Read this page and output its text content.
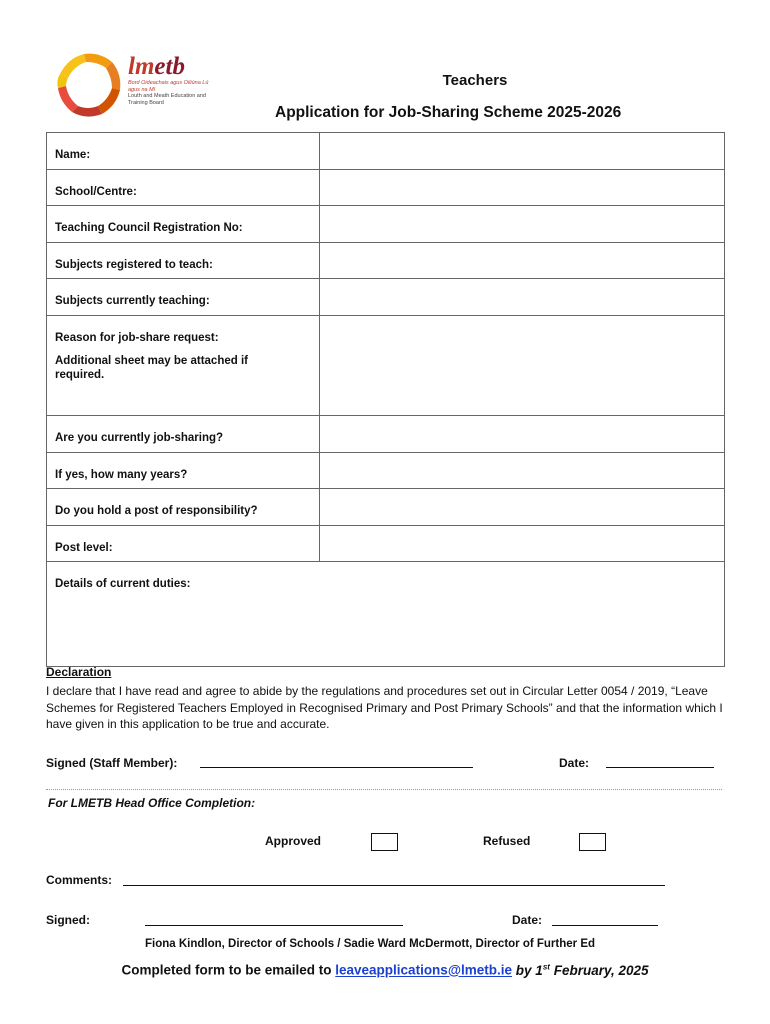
lmetb
Bord Oideachais agus Oiliúna Lú agus na Mí
Louth and Meath Education and Training Board
Teachers
Application for Job-Sharing Scheme 2025-2026
Name:	

School/Centre:	

Teaching Council Registration No:	

Subjects registered to teach:	

Subjects currently teaching:	

Reason for job-share request:
Additional sheet may be attached if required.	

Are you currently job-sharing?	

If yes, how many years?	

Do you hold a post of responsibility?	

Post level:	

Details of current duties:	
Declaration
I declare that I have read and agree to abide by the regulations and procedures set out in Circular Letter 0054 / 2019, “Leave Schemes for Registered Teachers Employed in Recognised Primary and Post Primary Schools” and that the information which I have given in this application to be true and accurate.
Signed (Staff Member):	Date:
For LMETB Head Office Completion:
Approved	Refused
Comments:
Signed:	Date:
Fiona Kindlon, Director of Schools / Sadie Ward McDermott, Director of Further Ed
Completed form to be emailed to leaveapplications@lmetb.ie by 1st February, 2025
